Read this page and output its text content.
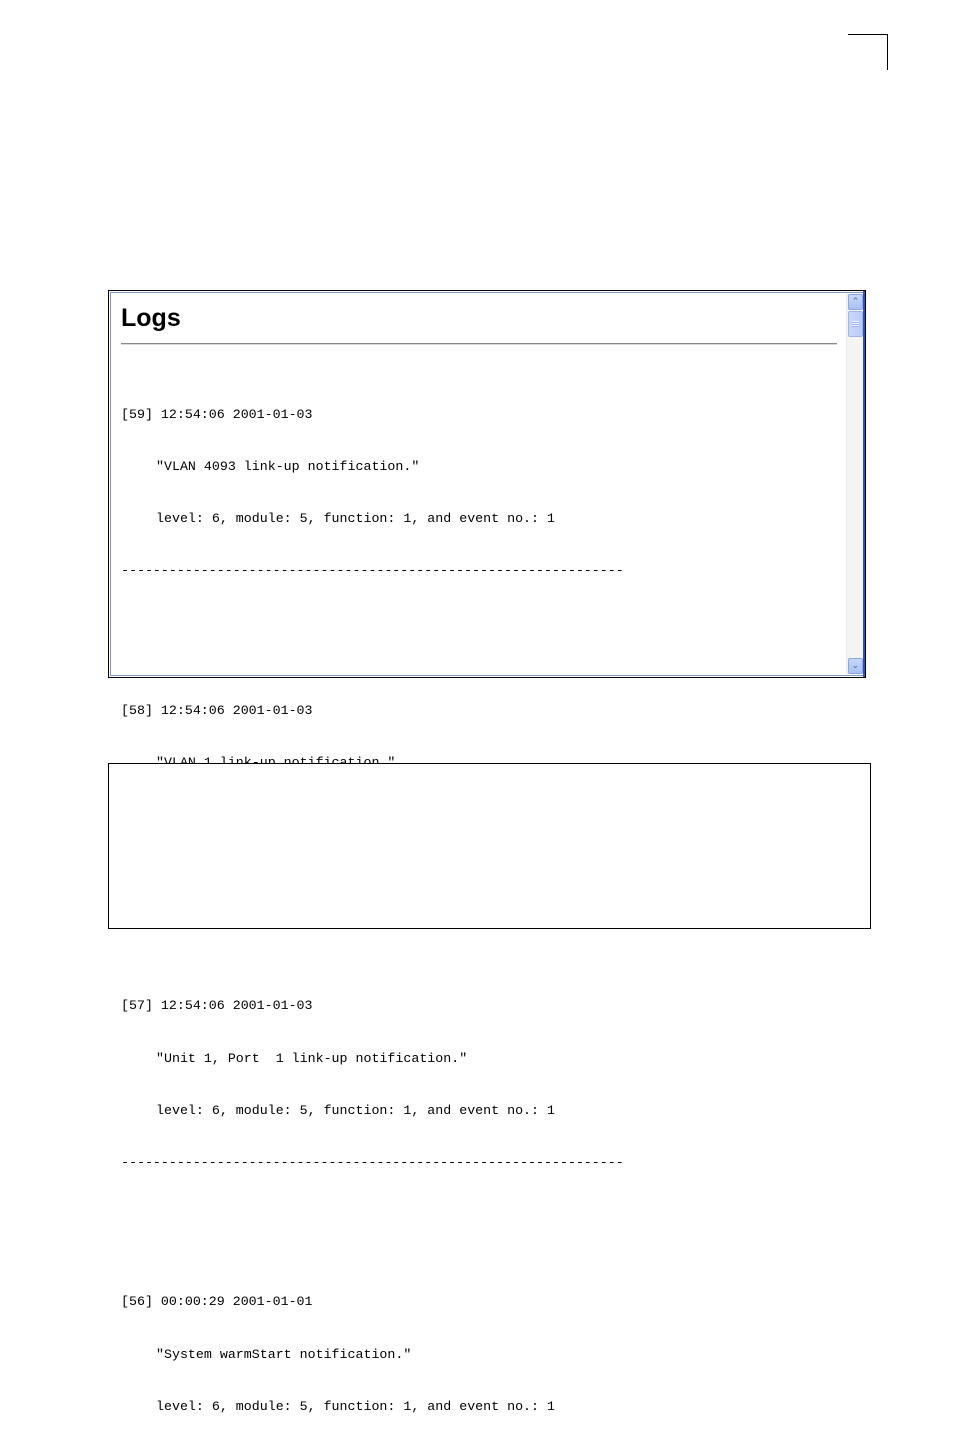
Logs

[59] 12:54:06 2001-01-03

"VLAN 4093 link-up notification."

level: 6, module: 5, function: 1, and event no.: 1

---------------------------------------------------------------

[58] 12:54:06 2001-01-03

[57] 12:54:06 2001-01-03

"Unit 1, Port  1 link-up notification."

level: 6, module: 5, function: 1, and event no.: 1

---------------------------------------------------------------

[56] 00:00:29 2001-01-01

"System warmStart notification."

level: 6, module: 5, function: 1, and event no.: 1

⌃
⌄
